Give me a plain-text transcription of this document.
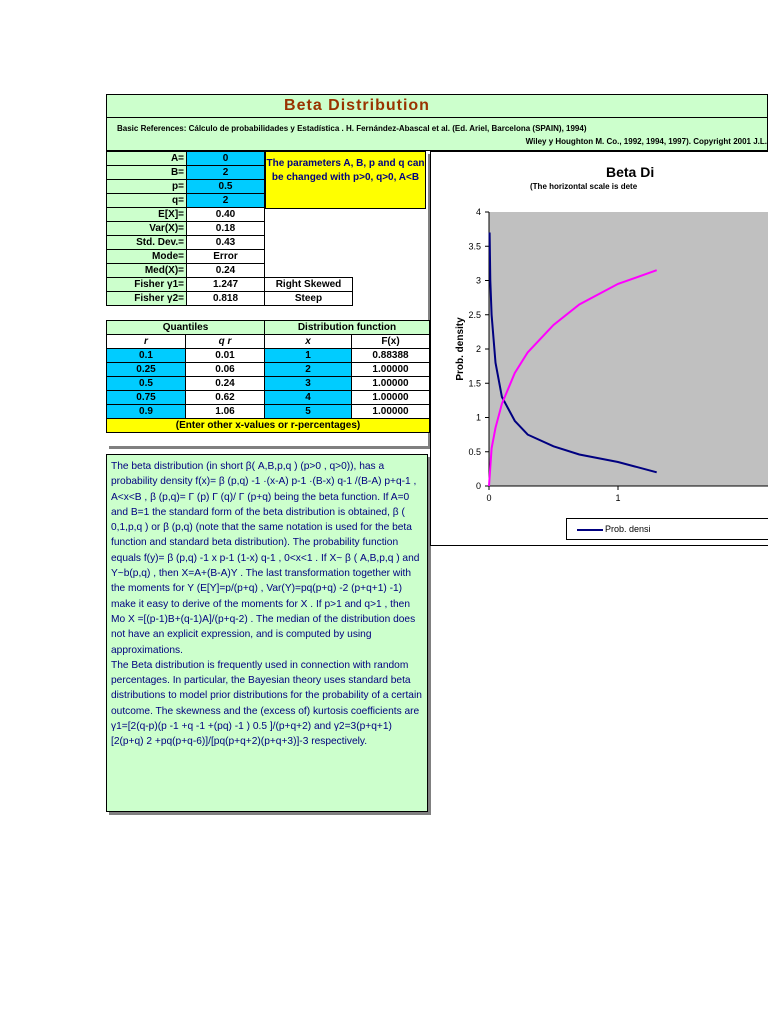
Beta Distribution
Basic References: Cálculo de probabilidades y Estadística . H. Fernández-Abascal et al. (Ed. Ariel, Barcelona (SPAIN), 1994)
Wiley y Houghton M. Co., 1992, 1994, 1997). Copyright 2001 J.L.
A=	0	
B=	2	
p=	0.5	
q=	2	
E[X]=	0.40	
Var(X)=	0.18	
Std. Dev.=	0.43	
Mode=	Error	
Med(X)=	0.24	
Fisher γ1=	1.247	Right Skewed
Fisher γ2=	0.818	Steep
The parameters A, B, p and q can be changed with p>0, q>0, A<B
Quantiles		Distribution function	
r	q r	x	F(x)
0.1	0.01	1	0.88388
0.25	0.06	2	1.00000
0.5	0.24	3	1.00000
0.75	0.62	4	1.00000
0.9	1.06	5	1.00000
(Enter other x-values or r-percentages)			
The beta distribution (in short β( A,B,p,q ) (p>0 , q>0)), has a probability density f(x)= β (p,q) -1 ·(x-A) p-1 ·(B-x) q-1 /(B-A) p+q-1 , A<x<B , β (p,q)= Γ (p) Γ (q)/ Γ (p+q) being the beta function. If A=0 and B=1 the standard form of the beta distribution is obtained, β ( 0,1,p,q ) or β (p,q) (note that the same notation is used for the beta function and standard beta distribution). The probability function equals f(y)= β (p,q) -1 x p-1 (1-x) q-1 , 0<x<1 . If X~ β ( A,B,p,q ) and Y~b(p,q) , then X=A+(B-A)Y . The last transformation together with the moments for Y (E[Y]=p/(p+q) , Var(Y)=pq(p+q) -2 (p+q+1) -1) make it easy to derive of the moments for X . If p>1 and q>1 , then Mo X =[(p-1)B+(q-1)A]/(p+q-2) . The median of the distribution does not have an explicit expression, and is computed by using approximations.
The Beta distribution is frequently used in connection with random percentages. In particular, the Bayesian theory uses standard beta distributions to model prior distributions for the probability of a certain outcome. The skewness and the (excess of) kurtosis coefficients are γ1=[2(q-p)(p -1 +q -1 +(pq) -1 ) 0.5 ]/(p+q+2) and γ2=3(p+q+1)[2(p+q) 2 +pq(p+q-6)]/[pq(p+q+2)(p+q+3)]-3 respectively.
Beta Di
(The horizontal scale is dete
0
0.5
1
1.5
2
2.5
3
3.5
4
0	1
Prob. density
Prob. densi
